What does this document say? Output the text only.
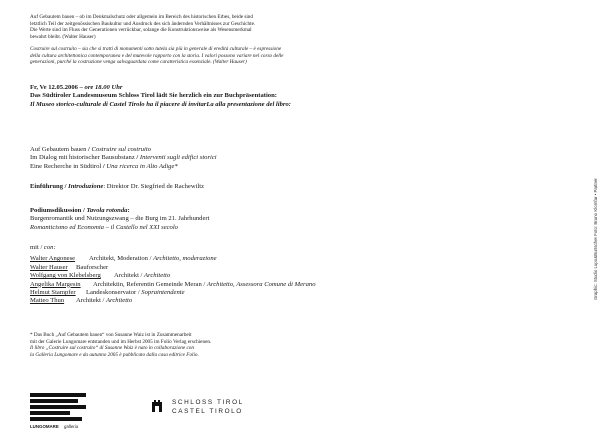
Auf Gebautem bauen – ob im Denkmalschutz oder allgemein im Bereich des historischen Erbes, beide sind
letztlich Teil der zeitgenössischen Baukultur und Ausdruck des sich ändernden Verhältnisses zur Geschichte.
Die Werte sind im Fluss der Generationen verrückbar, solange die Konstruktionsweise als Wesensmerkmal
bewahrt bleibt. (Walter Hauser)
Costruire sul costruito – sia che si tratti di monumenti sotto tutela sia più in generale di eredità culturale – è espressione
della cultura architettonica contemporanea e del mutevole rapporto con la storia. I valori possono variare nel corso delle
generazioni, purché la costruzione venga salvaguardata come caratteristica essenziale. (Walter Hauser)
Fr, Ve 12.05.2006 – ore 18.00 Uhr
Das Südtiroler Landesmuseum Schloss Tirol lädt Sie herzlich ein zur Buchpräsentation:
Il Museo storico-culturale di Castel Tirolo ha il piacere di invitarLa alla presentazione del libro:
Auf Gebautem bauen / Costruire sul costruito
Im Dialog mit historischer Bausubstanz / Interventi sugli edifici storici
Eine Recherche in Südtirol / Una ricerca in Alto Adige*
Einführung / Introduzione: Direktor Dr. Siegfried de Rachewiltz
Podiumsdikussion / Tavola rotonda:
Burgenromantik und Nutzungszwang – die Burg im 21. Jahrhundert
Romanticismo ed Economia – il Castello nel XXI secolo
mit / con:
Walter Angonese Architekt, Moderation / Architetto, moderazione
Walter Hauser Bauforscher
Wolfgang von Klebelsberg Architekt / Architetto
Angelika Margesin Architektin, Referentin Gemeinde Meran / Architetto, Assessora Comune di Merano
Helmut Stampfer Landeskonservator / Sopraintendente
Matteo Thun Architekt / Architetto
* Das Buch „Auf Gebautem bauen“ von Susanne Waiz ist in Zusammenarbeit
mit der Galerie Lungomare entstanden und im Herbst 2005 im Folio Verlag erschienen.
Il libro „Costruire sul costruito“ di Susanne Waiz è nato in collaborazione con
la Galleria Lungomare e da autunno 2005 è pubblicato dalla casa editrice Folio.
LUNGOMARE galleria
SCHLOSS TIROL
CASTEL TIROLO
Graphic: Studio Lupo&Burtscher Foto: Bruno Klomfar • Partner
